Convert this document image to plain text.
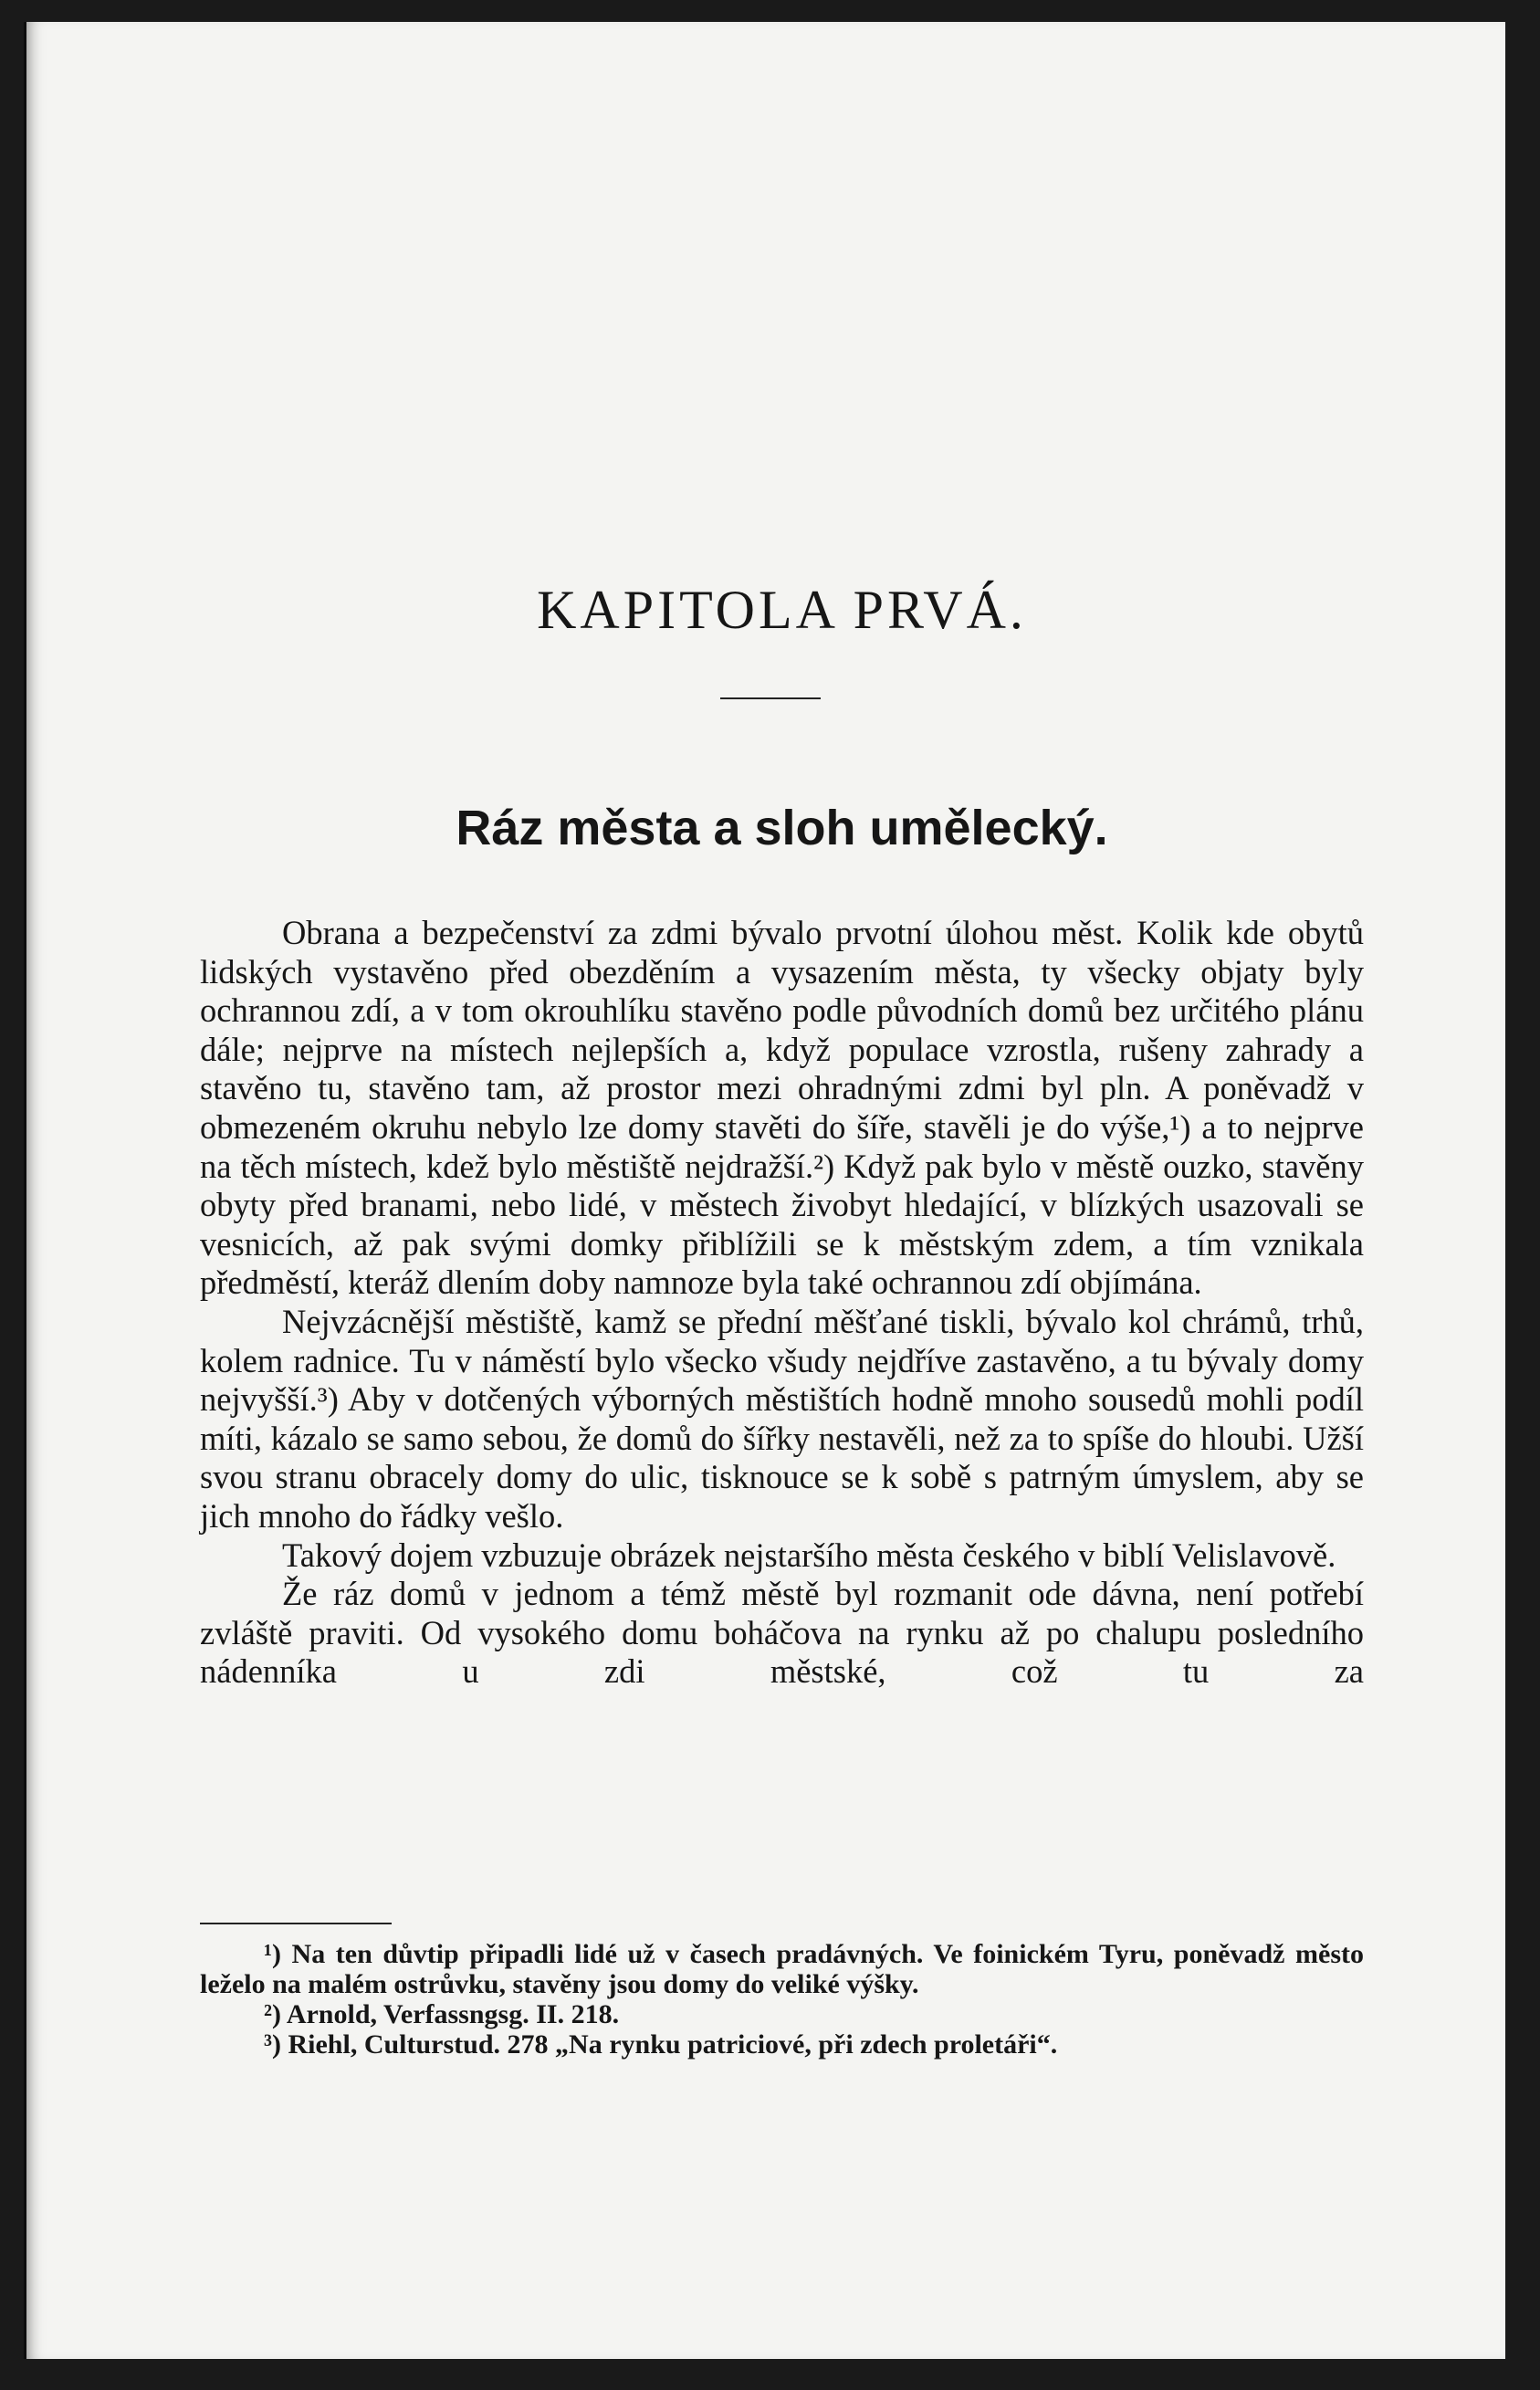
KAPITOLA PRVÁ.
Ráz města a sloh umělecký.

Obrana a bezpečenství za zdmi bývalo prvotní úlohou měst. Kolik kde obytů lidských vystavěno před obezděním a vysazením města, ty všecky objaty byly ochrannou zdí, a v tom okrouhlíku stavěno podle původních domů bez určitého plánu dále; nejprve na místech nejlepších a, když populace vzrostla, rušeny zahrady a stavěno tu, stavěno tam, až prostor mezi ohradnými zdmi byl pln. A poněvadž v obmezeném okruhu nebylo lze domy stavěti do šíře, stavěli je do výše,¹) a to nejprve na těch místech, kdež bylo městiště nejdražší.²) Když pak bylo v městě ouzko, stavěny obyty před branami, nebo lidé, v městech živobyt hledající, v blízkých usazovali se vesnicích, až pak svými domky přiblížili se k městským zdem, a tím vznikala předměstí, kteráž dlením doby namnoze byla také ochrannou zdí objímána.

Nejvzácnější městiště, kamž se přední měšťané tiskli, bývalo kol chrámů, trhů, kolem radnice. Tu v náměstí bylo všecko všudy nejdříve zastavěno, a tu bývaly domy nejvyšší.³) Aby v dotčených výborných městištích hodně mnoho sousedů mohli podíl míti, kázalo se samo sebou, že domů do šířky nestavěli, než za to spíše do hloubi. Užší svou stranu obracely domy do ulic, tisknouce se k sobě s patrným úmyslem, aby se jich mnoho do řádky vešlo.

Takový dojem vzbuzuje obrázek nejstaršího města českého v biblí Velislavově.

Že ráz domů v jednom a témž městě byl rozmanit ode dávna, není potřebí zvláště praviti. Od vysokého domu boháčova na rynku až po chalupu posledního nádenníka u zdi městské, což tu za

¹) Na ten důvtip připadli lidé už v časech pradávných. Ve foinickém Tyru, poněvadž město leželo na malém ostrůvku, stavěny jsou domy do veliké výšky.

²) Arnold, Verfassngsg. II. 218.

³) Riehl, Culturstud. 278 „Na rynku patriciové, při zdech proletáři“.
